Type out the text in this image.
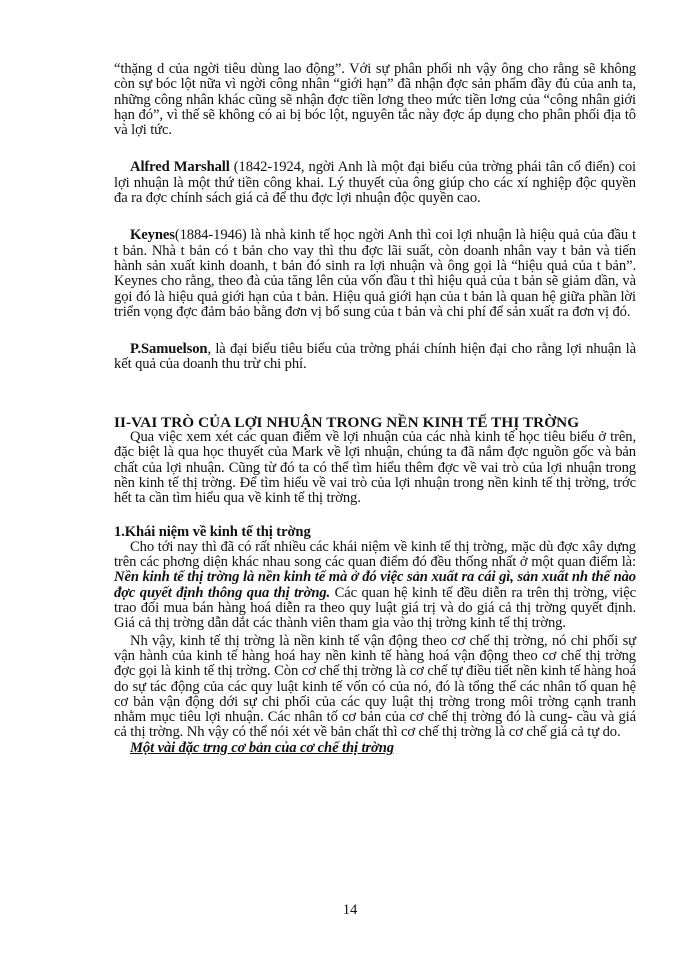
“thặng d của ngời tiêu dùng lao động”. Với sự phân phối nh vậy ông cho rằng sẽ không còn sự bóc lột nữa vì ngời công nhân “giới hạn” đã nhận đợc sản phẩm đầy đủ của anh ta, những công nhân khác cũng sẽ nhận đợc tiền lơng theo mức tiền lơng của “công nhân giới hạn đó”, vì thế sẽ không có ai bị bóc lột, nguyên tắc này đợc áp dụng cho phân phối địa tô và lợi tức.

Alfred Marshall (1842-1924, ngời Anh là một đại biểu của trờng phái tân cổ điển) coi lợi nhuận là một thứ tiền công khai. Lý thuyết của ông giúp cho các xí nghiệp độc quyền đa ra đợc chính sách giá cả để thu đợc lợi nhuận độc quyền cao.

Keynes(1884-1946) là nhà kinh tế học ngời Anh thì coi lợi nhuận là hiệu quả của đầu t t bản. Nhà t bản có t bản cho vay thì thu đợc lãi suất, còn doanh nhân vay t bản và tiến hành sản xuất kinh doanh, t bản đó sinh ra lợi nhuận và ông gọi là “hiệu quả của t bản”. Keynes cho rằng, theo đà của tăng lên của vốn đầu t thì hiệu quả của t bản sẽ giảm dần, và gọi đó là hiệu quả giới hạn của t bản. Hiệu quả giới hạn của t bản là quan hệ giữa phần lời triển vọng đợc đảm bảo bằng đơn vị bổ sung của t bản và chi phí để sản xuất ra đơn vị đó.

P.Samuelson, là đại biểu tiêu biểu của trờng phái chính hiện đại cho rằng lợi nhuận là kết quả của doanh thu trừ chi phí.

II-VAI TRÒ CỦA LỢI NHUẬN TRONG NỀN KINH TẾ THỊ TRỜNG

Qua việc xem xét các quan điểm về lợi nhuận của các nhà kinh tế học tiêu biểu ở trên, đặc biệt là qua học thuyết của Mark về lợi nhuận, chúng ta đã nắm đợc nguồn gốc và bản chất của lợi nhuận. Cũng từ đó ta có thể tìm hiểu thêm đợc về vai trò của lợi nhuận trong nền kinh tế thị trờng. Để tìm hiểu về vai trò của lợi nhuận trong nền kinh tế thị trờng, trớc hết ta cần tìm hiểu qua về kinh tế thị trờng.

1.Khái niệm về kinh tế thị trờng

Cho tới nay thì đã có rất nhiều các khái niệm về kinh tế thị trờng, mặc dù đợc xây dựng trên các phơng diện khác nhau song các quan điểm đó đều thống nhất ở một quan điểm là: Nền kinh tế thị trờng là nền kinh tế mà ở đó việc sản xuất ra cái gì, sản xuất nh thế nào đợc quyết định thông qua thị trờng. Các quan hệ kinh tế đều diễn ra trên thị trờng, việc trao đổi mua bán hàng hoá diễn ra theo quy luật giá trị và do giá cả thị trờng quyết định. Giá cả thị trờng dẫn dắt các thành viên tham gia vào thị trờng kinh tế thị trờng.

Nh vậy, kinh tế thị trờng là nền kinh tế vận động theo cơ chế thị trờng, nó chi phối sự vận hành của kinh tế hàng hoá hay nền kinh tế hàng hoá vận động theo cơ chế thị trờng đợc gọi là kinh tế thị trờng. Còn cơ chế thị trờng là cơ chế tự điều tiết nền kinh tế hàng hoá do sự tác động của các quy luật kinh tế vốn có của nó, đó là tổng thể các nhân tố quan hệ cơ bản vận động dới sự chi phối của các quy luật thị trờng trong môi trờng cạnh tranh nhằm mục tiêu lợi nhuận. Các nhân tố cơ bản của cơ chế thị trờng đó là cung- cầu và giá cả thị trờng. Nh vậy có thể nói xét về bản chất thì cơ chế thị trờng là cơ chế giá cả tự do.

Một vài đặc trng cơ bản của cơ chế thị trờng

14
